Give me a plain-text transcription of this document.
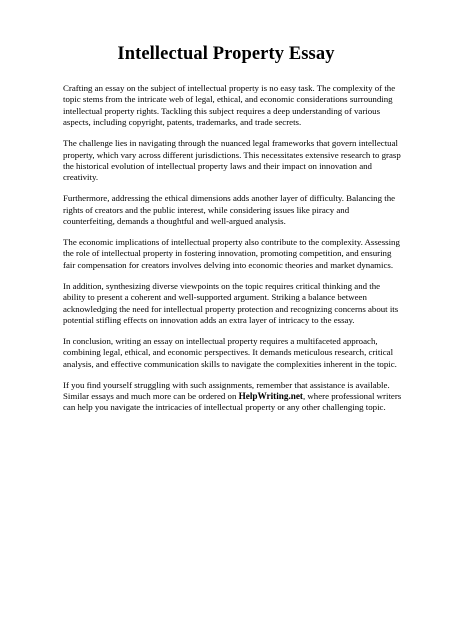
Intellectual Property Essay

Crafting an essay on the subject of intellectual property is no easy task. The complexity of the topic stems from the intricate web of legal, ethical, and economic considerations surrounding intellectual property rights. Tackling this subject requires a deep understanding of various aspects, including copyright, patents, trademarks, and trade secrets.

The challenge lies in navigating through the nuanced legal frameworks that govern intellectual property, which vary across different jurisdictions. This necessitates extensive research to grasp the historical evolution of intellectual property laws and their impact on innovation and creativity.

Furthermore, addressing the ethical dimensions adds another layer of difficulty. Balancing the rights of creators and the public interest, while considering issues like piracy and counterfeiting, demands a thoughtful and well-argued analysis.

The economic implications of intellectual property also contribute to the complexity. Assessing the role of intellectual property in fostering innovation, promoting competition, and ensuring fair compensation for creators involves delving into economic theories and market dynamics.

In addition, synthesizing diverse viewpoints on the topic requires critical thinking and the ability to present a coherent and well-supported argument. Striking a balance between acknowledging the need for intellectual property protection and recognizing concerns about its potential stifling effects on innovation adds an extra layer of intricacy to the essay.

In conclusion, writing an essay on intellectual property requires a multifaceted approach, combining legal, ethical, and economic perspectives. It demands meticulous research, critical analysis, and effective communication skills to navigate the complexities inherent in the topic.

If you find yourself struggling with such assignments, remember that assistance is available. Similar essays and much more can be ordered on HelpWriting.net, where professional writers can help you navigate the intricacies of intellectual property or any other challenging topic.
